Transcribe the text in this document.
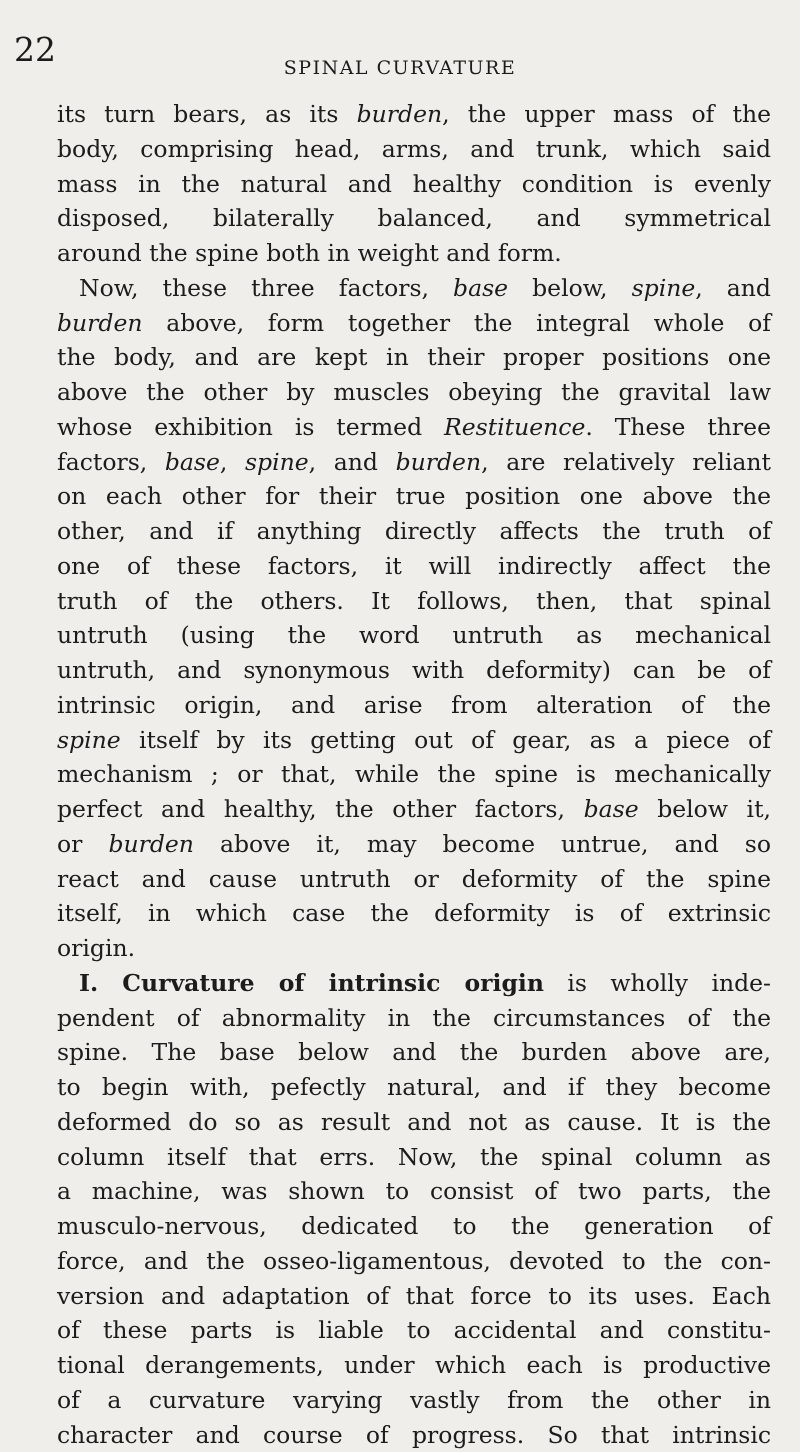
22	SPINAL CURVATURE
its turn bears, as its burden, the upper mass of the
body, comprising head, arms, and trunk, which said
mass in the natural and healthy condition is evenly
disposed, bilaterally balanced, and symmetrical
around the spine both in weight and form.
Now, these three factors, base below, spine, and
burden above, form together the integral whole of
the body, and are kept in their proper positions one
above the other by muscles obeying the gravital law
whose exhibition is termed Restituence. These three
factors, base, spine, and burden, are relatively reliant
on each other for their true position one above the
other, and if anything directly affects the truth of
one of these factors, it will indirectly affect the
truth of the others. It follows, then, that spinal
untruth (using the word untruth as mechanical
untruth, and synonymous with deformity) can be of
intrinsic origin, and arise from alteration of the
spine itself by its getting out of gear, as a piece of
mechanism ; or that, while the spine is mechanically
perfect and healthy, the other factors, base below it,
or burden above it, may become untrue, and so
react and cause untruth or deformity of the spine
itself, in which case the deformity is of extrinsic
origin.
I. Curvature of intrinsic origin is wholly inde-
pendent of abnormality in the circumstances of the
spine. The base below and the burden above are,
to begin with, pefectly natural, and if they become
deformed do so as result and not as cause. It is the
column itself that errs. Now, the spinal column as
a machine, was shown to consist of two parts, the
musculo-nervous, dedicated to the generation of
force, and the osseo-ligamentous, devoted to the con-
version and adaptation of that force to its uses. Each
of these parts is liable to accidental and constitu-
tional derangements, under which each is productive
of a curvature varying vastly from the other in
character and course of progress. So that intrinsic
